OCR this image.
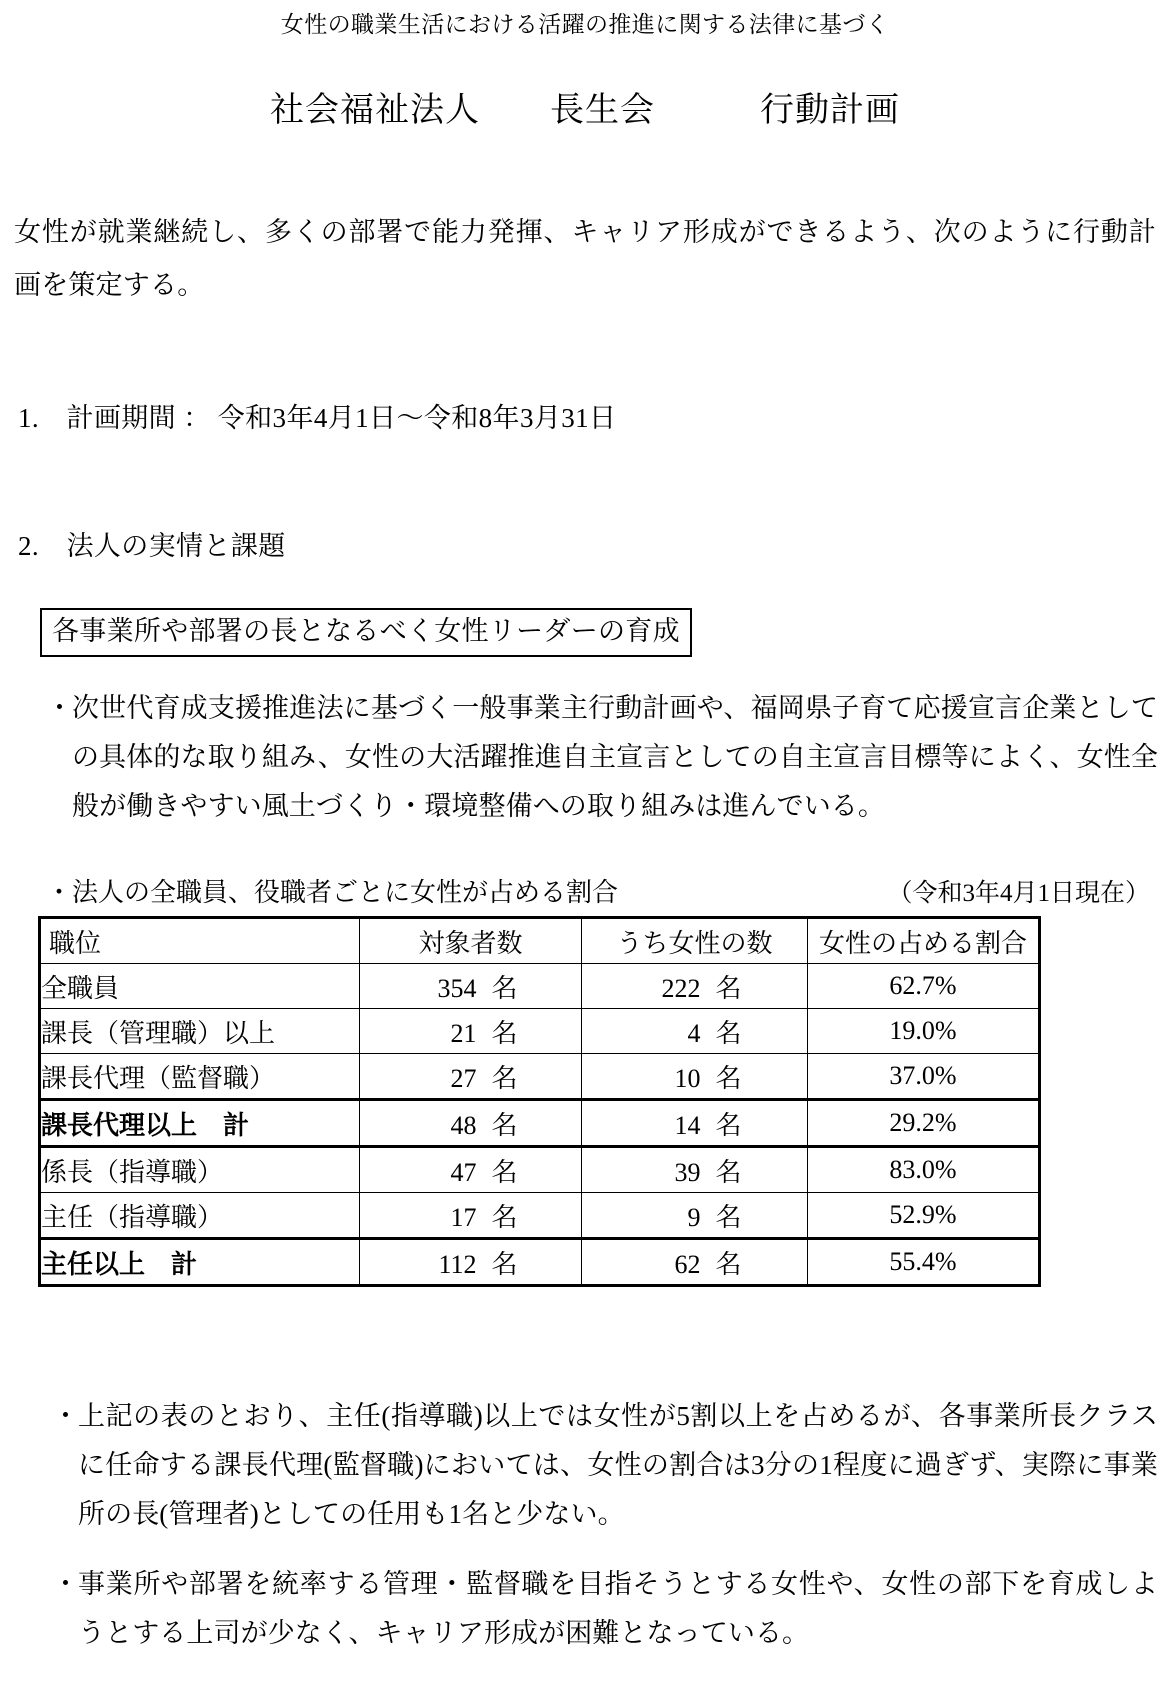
女性の職業生活における活躍の推進に関する法律に基づく
社会福祉法人　　長生会　　　行動計画
女性が就業継続し、多くの部署で能力発揮、キャリア形成ができるよう、次のように行動計画を策定する。
1.　計画期間 ： 令和3年4月1日～令和8年3月31日
2.　法人の実情と課題
各事業所や部署の長となるべく女性リーダーの育成
・ 次世代育成支援推進法に基づく一般事業主行動計画や、福岡県子育て応援宣言企業としての具体的な取り組み、女性の大活躍推進自主宣言としての自主宣言目標等によく、女性全般が働きやすい風土づくり・環境整備への取り組みは進んでいる。
・法人の全職員、役職者ごとに女性が占める割合	（令和3年4月1日現在）
職位	対象者数	うち女性の数	女性の占める割合
全職員	354 名	222 名	62.7%
課長（管理職）以上	21 名	4 名	19.0%
課長代理（監督職）	27 名	10 名	37.0%
課長代理以上　計	48 名	14 名	29.2%
係長（指導職）	47 名	39 名	83.0%
主任（指導職）	17 名	9 名	52.9%
主任以上　計	112 名	62 名	55.4%
・ 上記の表のとおり、主任(指導職)以上では女性が5割以上を占めるが、各事業所長クラスに任命する課長代理(監督職)においては、女性の割合は3分の1程度に過ぎず、実際に事業所の長(管理者)としての任用も1名と少ない。
・ 事業所や部署を統率する管理・監督職を目指そうとする女性や、女性の部下を育成しようとする上司が少なく、キャリア形成が困難となっている。
